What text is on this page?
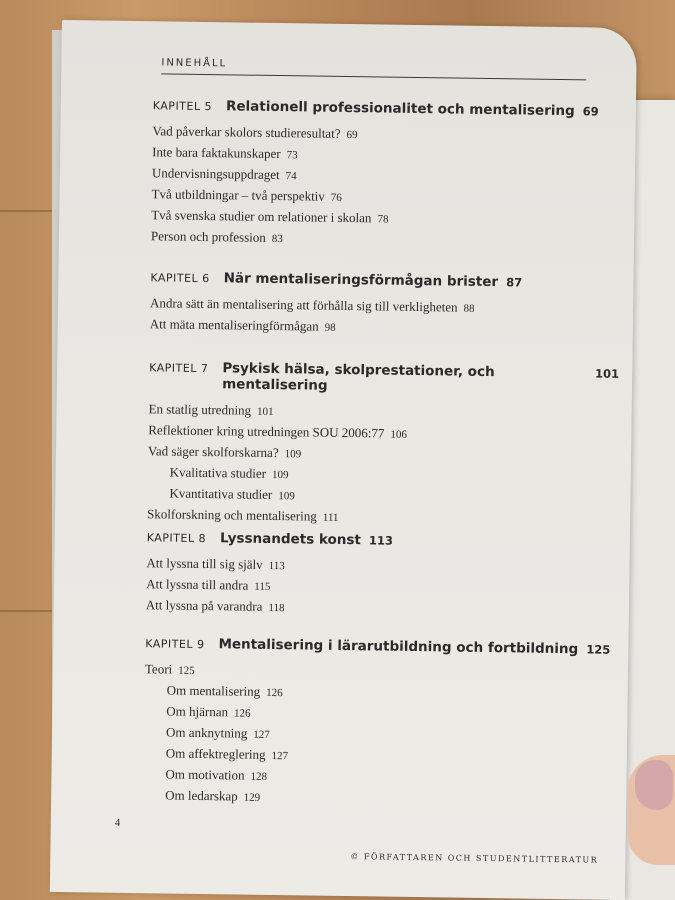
INNEHÅLL
KAPITEL 5 Relationell professionalitet och mentalisering 69
Vad påverkar skolors studieresultat? 69
Inte bara faktakunskaper 73
Undervisningsuppdraget 74
Två utbildningar – två perspektiv 76
Två svenska studier om relationer i skolan 78
Person och profession 83
KAPITEL 6 När mentaliseringsförmågan brister 87
Andra sätt än mentalisering att förhålla sig till verkligheten 88
Att mäta mentaliseringförmågan 98
KAPITEL 7 Psykisk hälsa, skolprestationer, och mentalisering
101
En statlig utredning 101
Reflektioner kring utredningen SOU 2006:77 106
Vad säger skolforskarna? 109
Kvalitativa studier 109
Kvantitativa studier 109
Skolforskning och mentalisering 111
KAPITEL 8 Lyssnandets konst 113
Att lyssna till sig själv 113
Att lyssna till andra 115
Att lyssna på varandra 118
KAPITEL 9 Mentalisering i lärarutbildning och fortbildning 125
Teori 125
Om mentalisering 126
Om hjärnan 126
Om anknytning 127
Om affektreglering 127
Om motivation 128
Om ledarskap 129
4
© FÖRFATTAREN OCH STUDENTLITTERATUR
